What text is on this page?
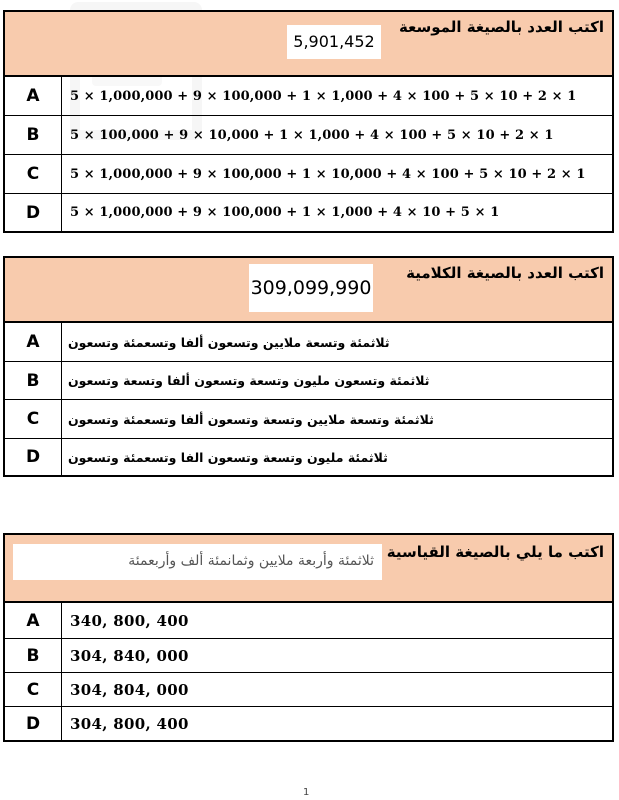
اكتب العدد بالصيغة الموسعة
5,901,452
A	5 × 1,000,000 + 9 × 100,000 + 1 × 1,000 + 4 × 100 + 5 × 10 + 2 × 1
B	5 × 100,000 + 9 × 10,000 + 1 × 1,000 + 4 × 100 + 5 × 10 + 2 × 1
C	5 × 1,000,000 + 9 × 100,000 + 1 × 10,000 + 4 × 100 + 5 × 10 + 2 × 1
D	5 × 1,000,000 + 9 × 100,000 + 1 × 1,000 + 4 × 10 + 5 × 1
اكتب العدد بالصيغة الكلامية
309,099,990
A	ثلاثمئة وتسعة ملايين وتسعون ألفا وتسعمئة وتسعون
B	ثلاثمئة وتسعون مليون وتسعة وتسعون ألفا وتسعة وتسعون
C	ثلاثمئة وتسعة ملايين وتسعة وتسعون ألفا وتسعمئة وتسعون
D	ثلاثمئة مليون وتسعة وتسعون الفا وتسعمئة وتسعون
اكتب ما يلي بالصيغة القياسية
ثلاثمئة وأربعة ملايين وثمانمئة ألف وأربعمئة
A	340, 800, 400
B	304, 840, 000
C	304, 804, 000
D	304, 800, 400
1
